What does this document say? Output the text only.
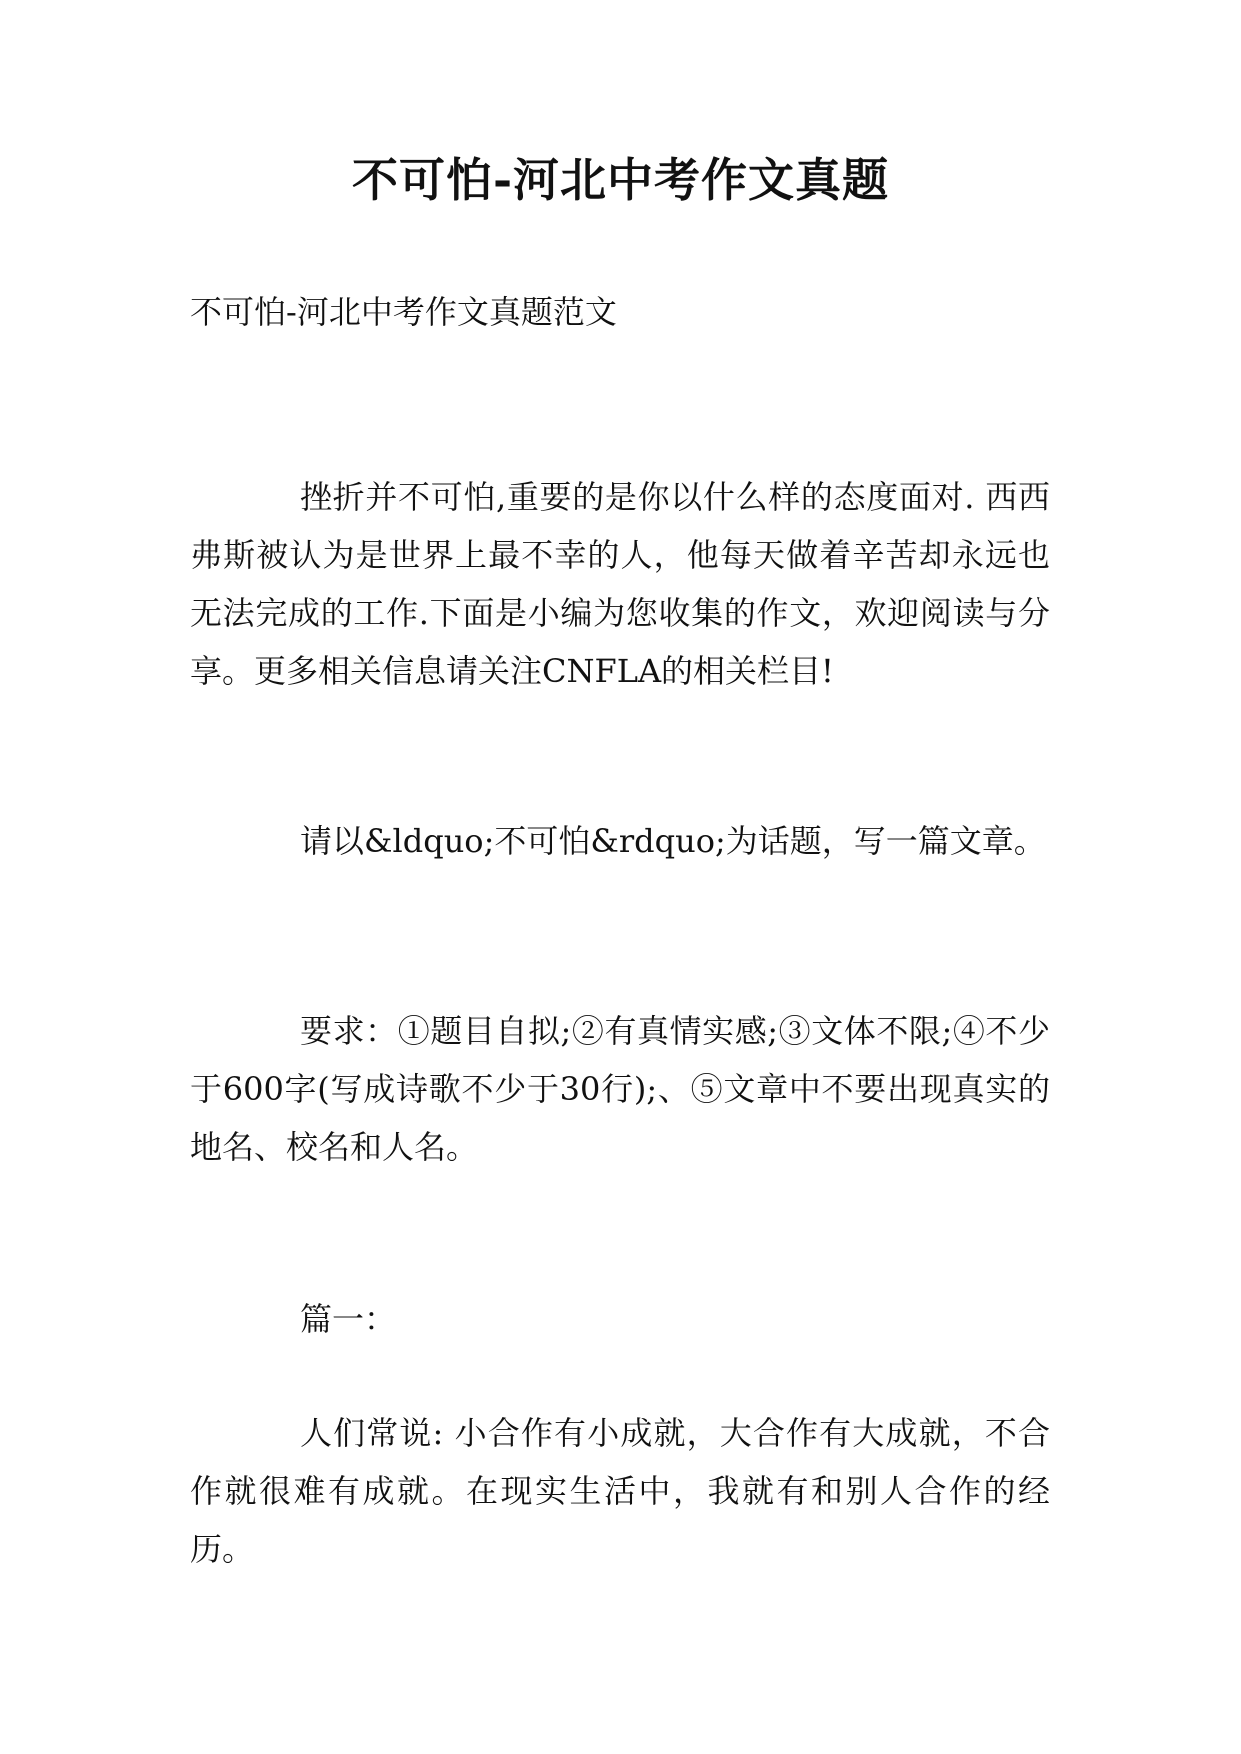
不可怕-河北中考作文真题
不可怕-河北中考作文真题范文

挫折并不可怕,重要的是你以什么样的态度面对. 西西弗斯被认为是世界上最不幸的人，他每天做着辛苦却永远也无法完成的工作.下面是小编为您收集的作文，欢迎阅读与分享。更多相关信息请关注CNFLA的相关栏目!

请以&ldquo;不可怕&rdquo;为话题，写一篇文章。

要求：①题目自拟;②有真情实感;③文体不限;④不少于600字(写成诗歌不少于30行);、⑤文章中不要出现真实的地名、校名和人名。

篇一：

人们常说: 小合作有小成就，大合作有大成就，不合作就很难有成就。在现实生活中，我就有和别人合作的经历。
